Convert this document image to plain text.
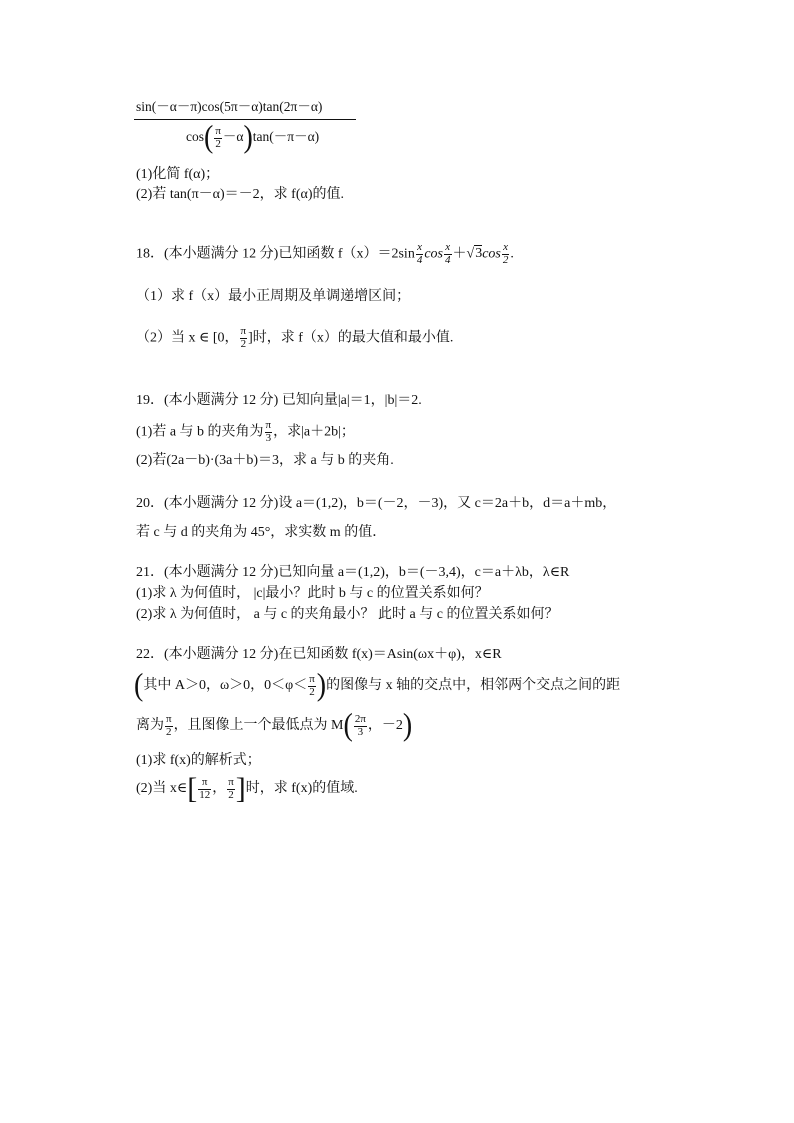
sin(－α－π)cos(5π－α)tan(2π－α)
$\cos( \frac{\pi}{2} -\alpha)\tan(-\pi-\alpha)$
(1)化简 f(α)；
(2)若 tan(π－α)＝－2，求 f(α)的值.
18．(本小题满分 12 分)已知函数 $f(x)=2\sin \frac{x}{4}$ $\cos \frac{x}{4} +√3\cos \frac{x}{2}$ .
（1）求 f（x）最小正周期及单调递增区间；
（2）当 x ∈ [0， $\frac{\pi}{2}$ ]时，求 f（x）的最大值和最小值.
19．(本小题满分 12 分) 已知向量|a|＝1，|b|＝2.
(1)若 a 与 b 的夹角为 $\frac{\pi}{3}$ ，求|a＋2b|；
(2)若(2a－b)·(3a＋b)＝3，求 a 与 b 的夹角.
20．(本小题满分 12 分)设 a＝(1,2)，b＝(－2，－3)，又 c＝2a＋b，d＝a＋mb，
若 c 与 d 的夹角为 45°，求实数 m 的值．
21．(本小题满分 12 分)已知向量 a＝(1,2)，b＝(－3,4)，c＝a＋λb，λ∈R
(1)求 λ 为何值时， |c|最小？此时 b 与 c 的位置关系如何？
(2)求 λ 为何值时， a 与 c 的夹角最小？ 此时 a 与 c 的位置关系如何？
22．(本小题满分 12 分)在已知函数 f(x)＝Asin(ωx＋φ)，x∈R
(其中 A＞0，ω＞0，$0<\varphi< \frac{\pi}{2}$ )的图像与 x 轴的交点中，相邻两个交点之间的距
离为 $\frac{\pi}{2}$ ，且图像上一个最低点为 $M( \frac{2\pi}{3}$ ，－2)
(1)求 f(x)的解析式；
(2)当 x∈[ $\frac{\pi}{12}$ ， $\frac{\pi}{2}$ ]时，求 f(x)的值域.
